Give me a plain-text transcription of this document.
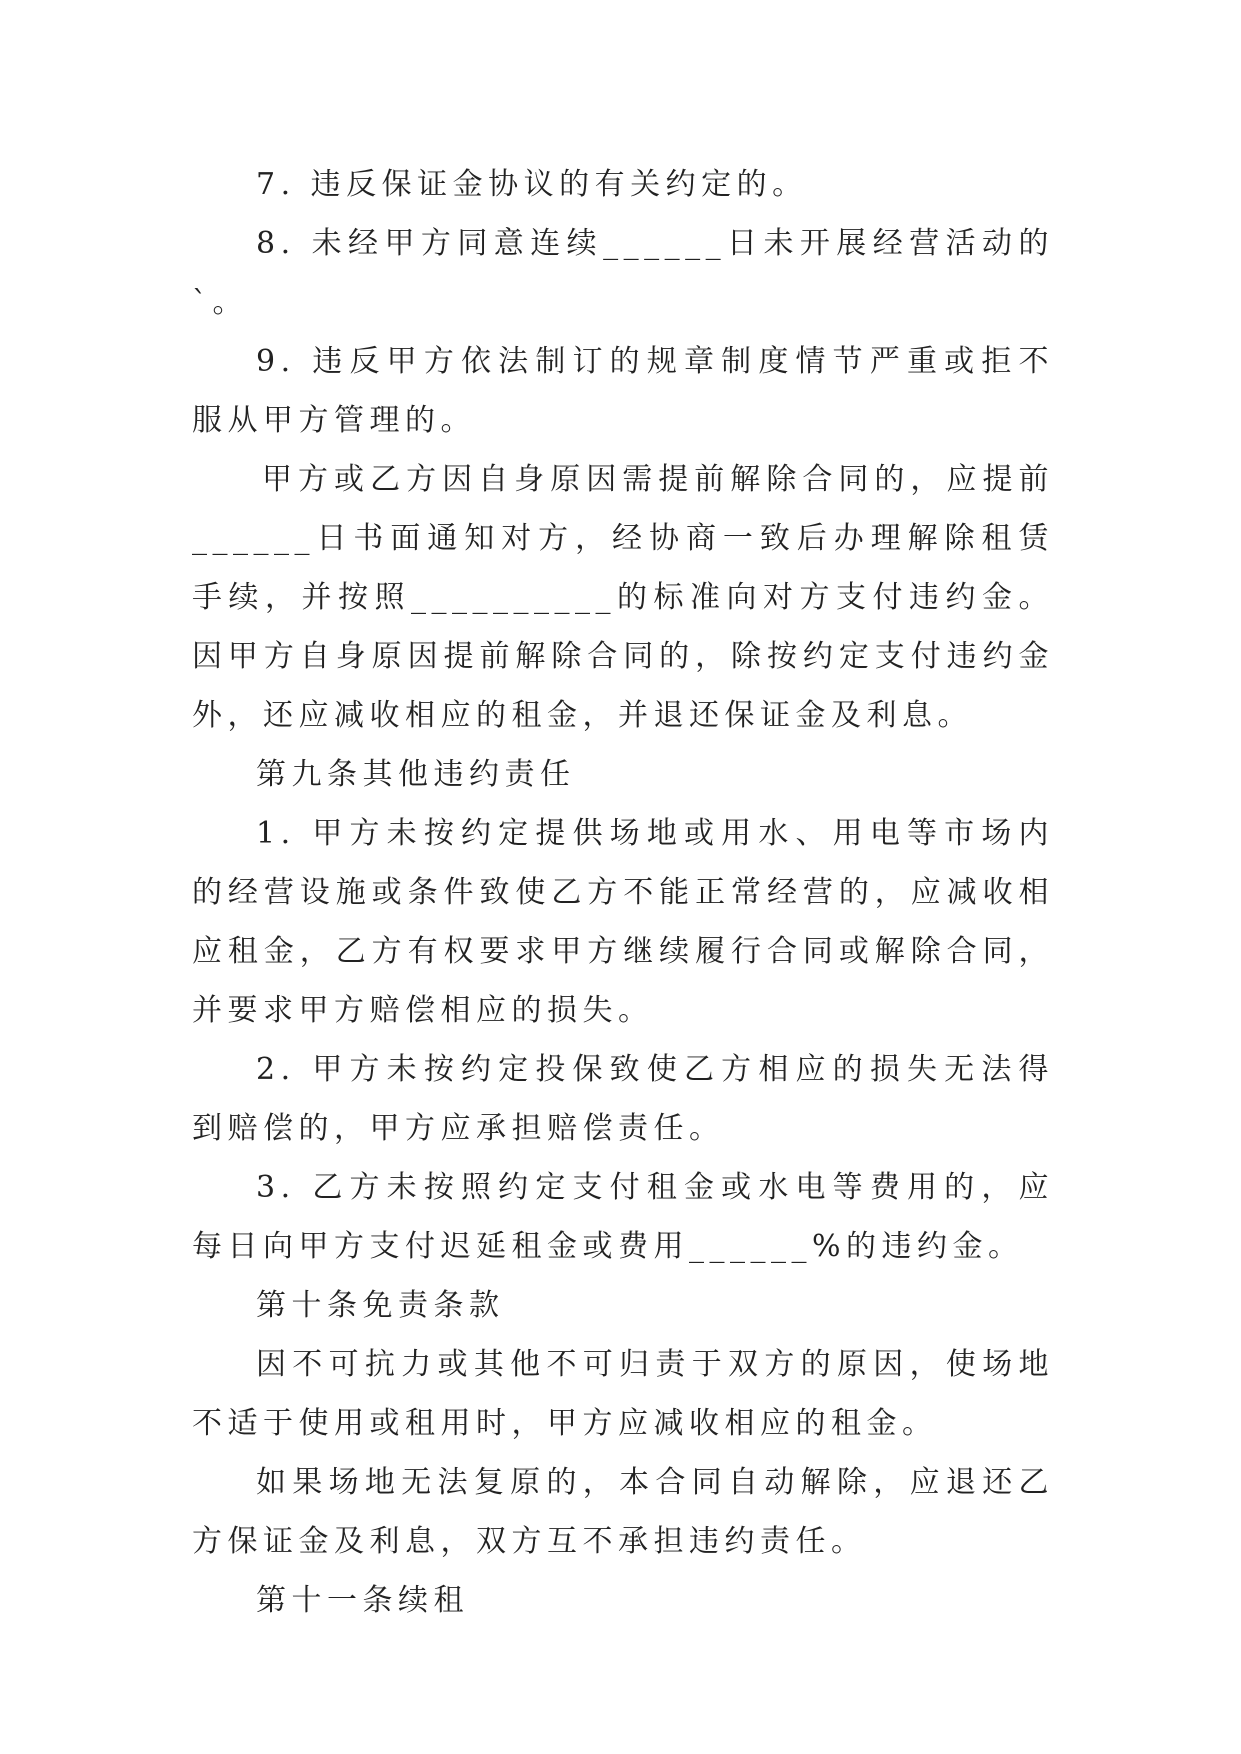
7. 违反保证金协议的有关约定的。

8. 未经甲方同意连续______日未开展经营活动的`。

9. 违反甲方依法制订的规章制度情节严重或拒不服从甲方管理的。

甲方或乙方因自身原因需提前解除合同的，应提前______日书面通知对方，经协商一致后办理解除租赁手续，并按照__________的标准向对方支付违约金。因甲方自身原因提前解除合同的，除按约定支付违约金外，还应减收相应的租金，并退还保证金及利息。

第九条其他违约责任

1. 甲方未按约定提供场地或用水、用电等市场内的经营设施或条件致使乙方不能正常经营的，应减收相应租金，乙方有权要求甲方继续履行合同或解除合同，并要求甲方赔偿相应的损失。

2. 甲方未按约定投保致使乙方相应的损失无法得到赔偿的，甲方应承担赔偿责任。

3. 乙方未按照约定支付租金或水电等费用的，应每日向甲方支付迟延租金或费用______%的违约金。

第十条免责条款

因不可抗力或其他不可归责于双方的原因，使场地不适于使用或租用时，甲方应减收相应的租金。

如果场地无法复原的，本合同自动解除，应退还乙方保证金及利息，双方互不承担违约责任。

第十一条续租
